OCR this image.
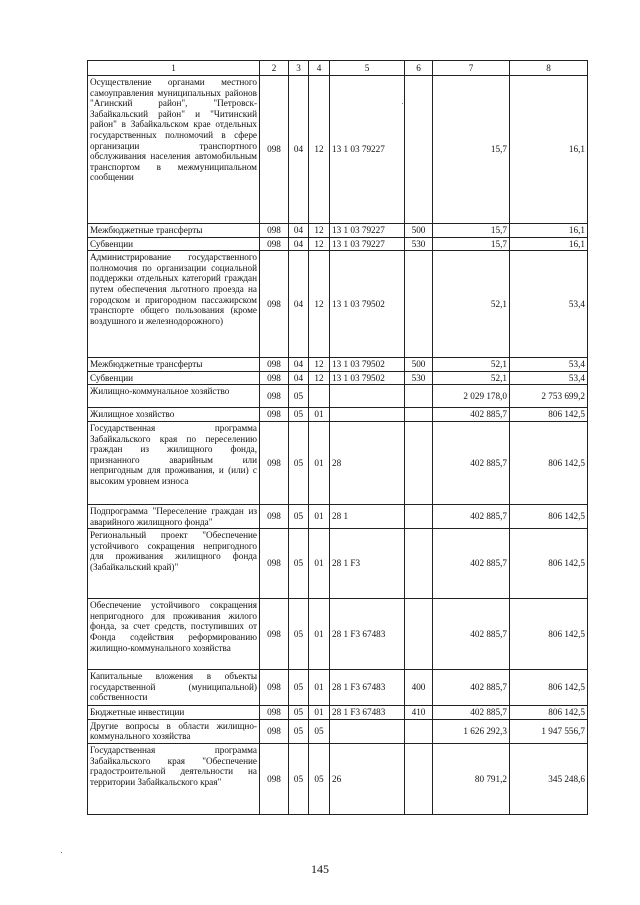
1	2	3	4	5	6	7	8
Осуществление органами местного самоуправления муниципальных районов "Агинский район", "Петровск-Забайкальский район" и "Читинский район" в Забайкальском крае отдельных государственных полномочий в сфере организации транспортного обслуживания населения автомобильным транспортом в межмуниципальном сообщении	098	04	12	13 1 03 79227		15,7	16,1
Межбюджетные трансферты	098	04	12	13 1 03 79227	500	15,7	16,1
Субвенции	098	04	12	13 1 03 79227	530	15,7	16,1
Администрирование государственного полномочия по организации социальной поддержки отдельных категорий граждан путем обеспечения льготного проезда на городском и пригородном пассажирском транспорте общего пользования (кроме воздушного и железнодорожного)	098	04	12	13 1 03 79502		52,1	53,4
Межбюджетные трансферты	098	04	12	13 1 03 79502	500	52,1	53,4
Субвенции	098	04	12	13 1 03 79502	530	52,1	53,4
Жилищно-коммунальное хозяйство	098	05				2 029 178,0	2 753 699,2
Жилищное хозяйство	098	05	01			402 885,7	806 142,5
Государственная программа Забайкальского края по переселению граждан из жилищного фонда, признанного аварийным или непригодным для проживания, и (или) с высоким уровнем износа	098	05	01	28		402 885,7	806 142,5
Подпрограмма "Переселение граждан из аварийного жилищного фонда"	098	05	01	28 1		402 885,7	806 142,5
Региональный проект "Обеспечение устойчивого сокращения непригодного для проживания жилищного фонда (Забайкальский край)"	098	05	01	28 1 F3		402 885,7	806 142,5
Обеспечение устойчивого сокращения непригодного для проживания жилого фонда, за счет средств, поступивших от Фонда содействия реформированию жилищно-коммунального хозяйства	098	05	01	28 1 F3 67483		402 885,7	806 142,5
Капитальные вложения в объекты государственной (муниципальной) собственности	098	05	01	28 1 F3 67483	400	402 885,7	806 142,5
Бюджетные инвестиции	098	05	01	28 1 F3 67483	410	402 885,7	806 142,5
Другие вопросы в области жилищно-коммунального хозяйства	098	05	05			1 626 292,3	1 947 556,7
Государственная программа Забайкальского края "Обеспечение градостроительной деятельности на территории Забайкальского края"	098	05	05	26		80 791,2	345 248,6
145
